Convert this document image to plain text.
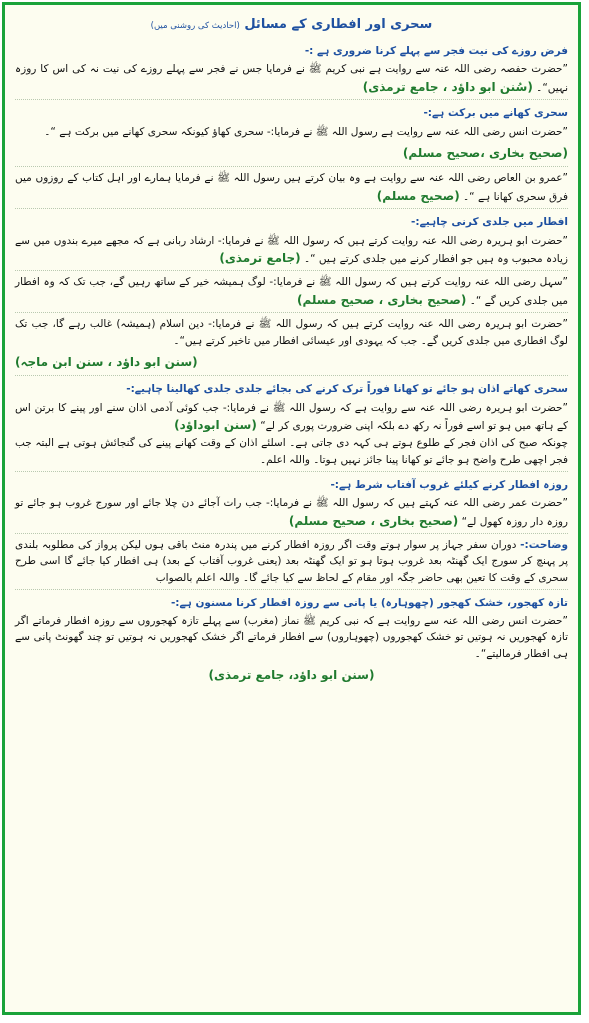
سحری اور افطاری کے مسائل (احادیث کی روشنی میں)
فرض روزے کی نیت فجر سے پہلے کرنا ضروری ہے :-
”حضرت حفصہ رضی اللہ عنہ سے روایت ہے نبی کریم ﷺ نے فرمایا جس نے فجر سے پہلے روزے کی نیت نہ کی اس کا روزہ نہیں“۔ (سُنن ابو داؤد ، جامع ترمذی)
سحری کھانے میں برکت ہے:-
”حضرت انس رضی اللہ عنہ سے روایت ہے رسول اللہ ﷺ نے فرمایا:- سحری کھاؤ کیونکہ سحری کھانے میں برکت ہے “۔
(صحیح بخاری ،صحیح مسلم)
”عمرو بن العاص رضی اللہ عنہ سے روایت ہے وہ بیان کرتے ہیں رسول اللہ ﷺ نے فرمایا ہمارے اور اہل کتاب کے روزوں میں فرق سحری کھانا ہے “۔ (صحیح مسلم)
افطار میں جلدی کرنی چاہیے:-
”حضرت ابو ہریرہ رضی اللہ عنہ روایت کرتے ہیں کہ رسول اللہ ﷺ نے فرمایا:- ارشاد ربانی ہے کہ مجھے میرے بندوں میں سے زیادہ محبوب وہ ہیں جو افطار کرنے میں جلدی کرتے ہیں “۔ (جامع ترمذی)
”سہل رضی اللہ عنہ روایت کرتے ہیں کہ رسول اللہ ﷺ نے فرمایا:- لوگ ہمیشہ خیر کے ساتھ رہیں گے، جب تک کہ وہ افطار میں جلدی کریں گے “۔ (صحیح بخاری ، صحیح مسلم)
”حضرت ابو ہریرہ رضی اللہ عنہ روایت کرتے ہیں کہ رسول اللہ ﷺ نے فرمایا:- دین اسلام (ہمیشہ) غالب رہے گا، جب تک لوگ افطاری میں جلدی کریں گے۔ جب کہ یہودی اور عیسائی افطار میں تاخیر کرتے ہیں“۔
(سنن ابو داؤد ، سنن ابن ماجہ)
سحری کھاتے اذان ہو جائے تو کھانا فوراً ترک کرنے کی بجائے جلدی جلدی کھالینا چاہیے:-
”حضرت ابو ہریرہ رضی اللہ عنہ سے روایت ہے کہ رسول اللہ ﷺ نے فرمایا:- جب کوئی آدمی اذان سنے اور پینے کا برتن اس کے ہاتھ میں ہو تو اسے فوراً نہ رکھ دے بلکہ اپنی ضرورت پوری کر لے“ (سنن ابوداؤد)
چونکہ صبح کی اذان فجر کے طلوع ہوتے ہی کہہ دی جاتی ہے۔ اسلئے اذان کے وقت کھانے پینے کی گنجائش ہوتی ہے البتہ جب فجر اچھی طرح واضح ہو جائے تو کھانا پینا جائز نہیں ہوتا۔ واللہ اعلم۔
روزہ افطار کرنے کیلئے غروب آفتاب شرط ہے:-
”حضرت عمر رضی اللہ عنہ کہتے ہیں کہ رسول اللہ ﷺ نے فرمایا:- جب رات آجائے دن چلا جائے اور سورج غروب ہو جائے تو روزہ دار روزہ کھول لے“ (صحیح بخاری ، صحیح مسلم)
وضاحت:- دوران سفر جہاز پر سوار ہوتے وقت اگر روزہ افطار کرنے میں پندرہ منٹ باقی ہوں لیکن پرواز کی مطلوبہ بلندی پر پہنچ کر سورج ایک گھنٹہ بعد غروب ہوتا ہو تو ایک گھنٹہ بعد (یعنی غروب آفتاب کے بعد) ہی افطار کیا جائے گا اسی طرح سحری کے وقت کا تعین بھی حاضر جگہ اور مقام کے لحاظ سے کیا جائے گا۔ واللہ اعلم بالصواب
تازہ کھجور، خشک کھجور (چھوہارہ) یا پانی سے روزہ افطار کرنا مسنون ہے:-
”حضرت انس رضی اللہ عنہ سے روایت ہے کہ نبی کریم ﷺ نماز (مغرب) سے پہلے تازہ کھجوروں سے روزہ افطار فرماتے اگر تازہ کھجوریں نہ ہوتیں تو خشک کھجوروں (چھوہاروں) سے افطار فرماتے اگر خشک کھجوریں نہ ہوتیں تو چند گھونٹ پانی سے ہی افطار فرمالیتے“۔
(سنن ابو داؤد، جامع ترمذی)
